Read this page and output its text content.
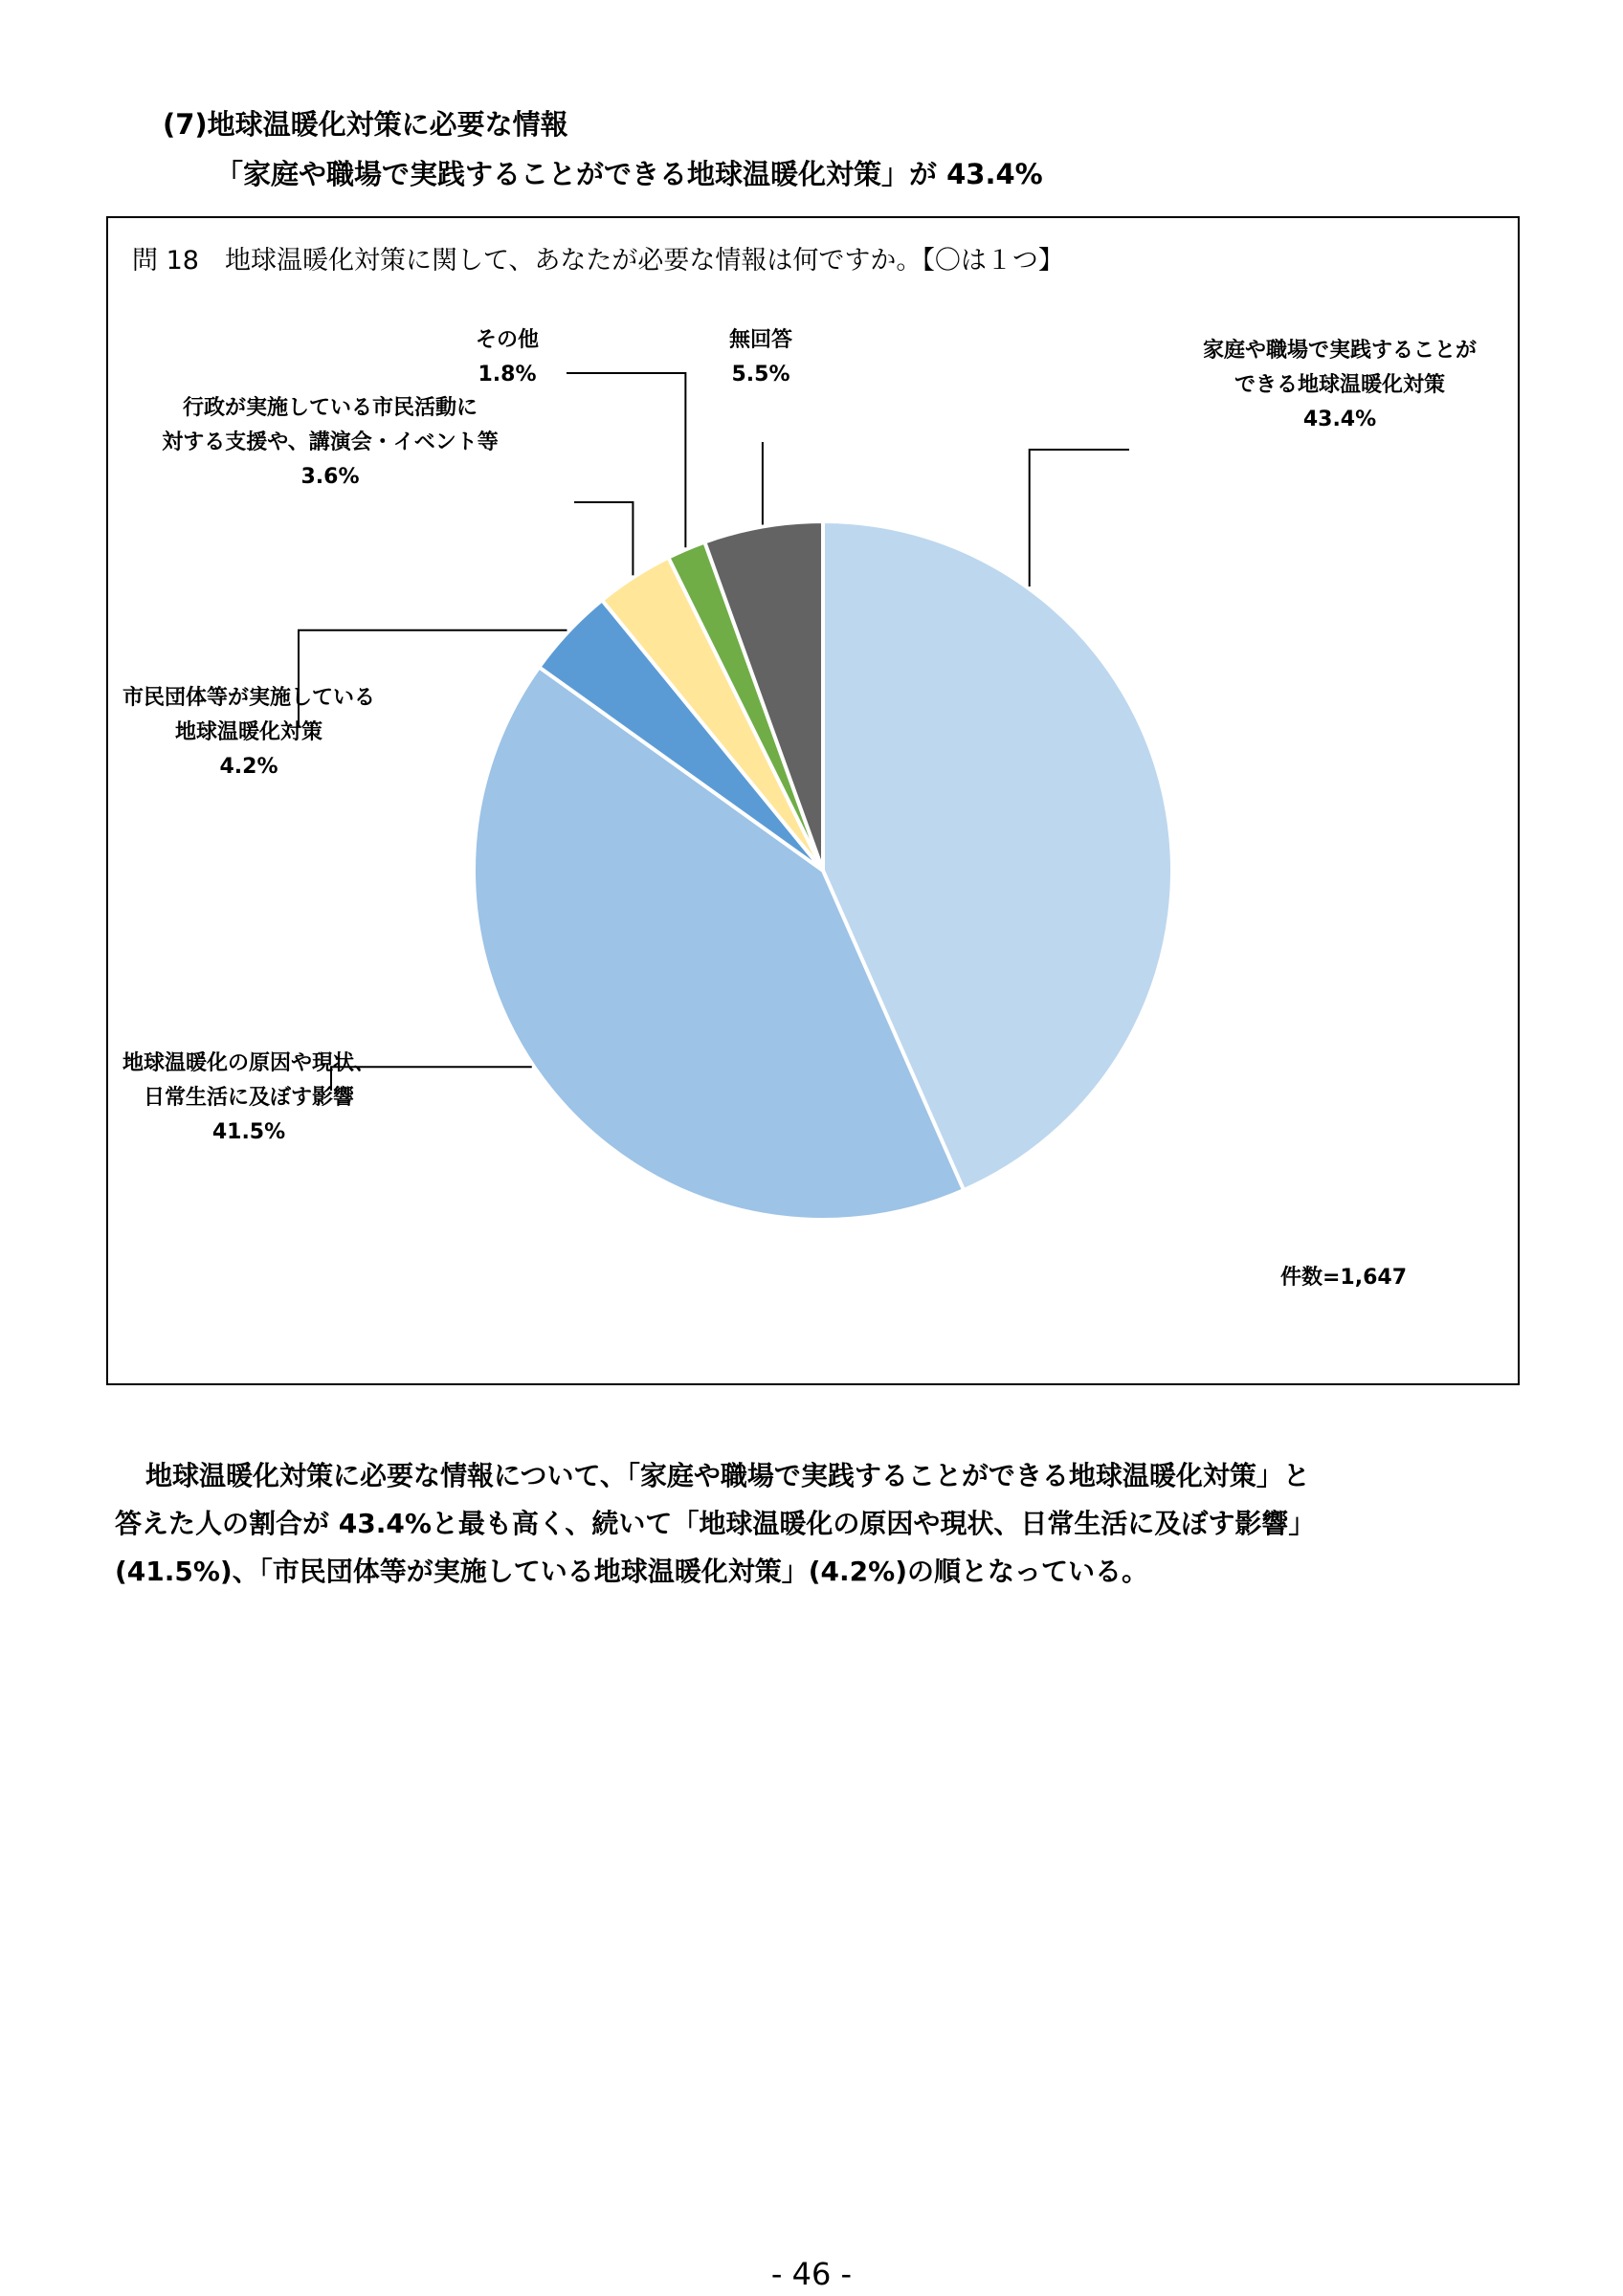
(7)地球温暖化対策に必要な情報
「家庭や職場で実践することができる地球温暖化対策」が 43.4%
問 18　地球温暖化対策に関して、あなたが必要な情報は何ですか。【〇は１つ】
家庭や職場で実践することが
できる地球温暖化対策
43.4%
地球温暖化の原因や現状、
日常生活に及ぼす影響
41.5%
市民団体等が実施している
地球温暖化対策
4.2%
行政が実施している市民活動に
対する支援や、講演会・イベント等
3.6%
その他
1.8%
無回答
5.5%
件数=1,647

地球温暖化対策に必要な情報について、「家庭や職場で実践することができる地球温暖化対策」と

答えた人の割合が 43.4%と最も高く、続いて「地球温暖化の原因や現状、日常生活に及ぼす影響」

(41.5%)、「市民団体等が実施している地球温暖化対策」(4.2%)の順となっている。

- 46 -
